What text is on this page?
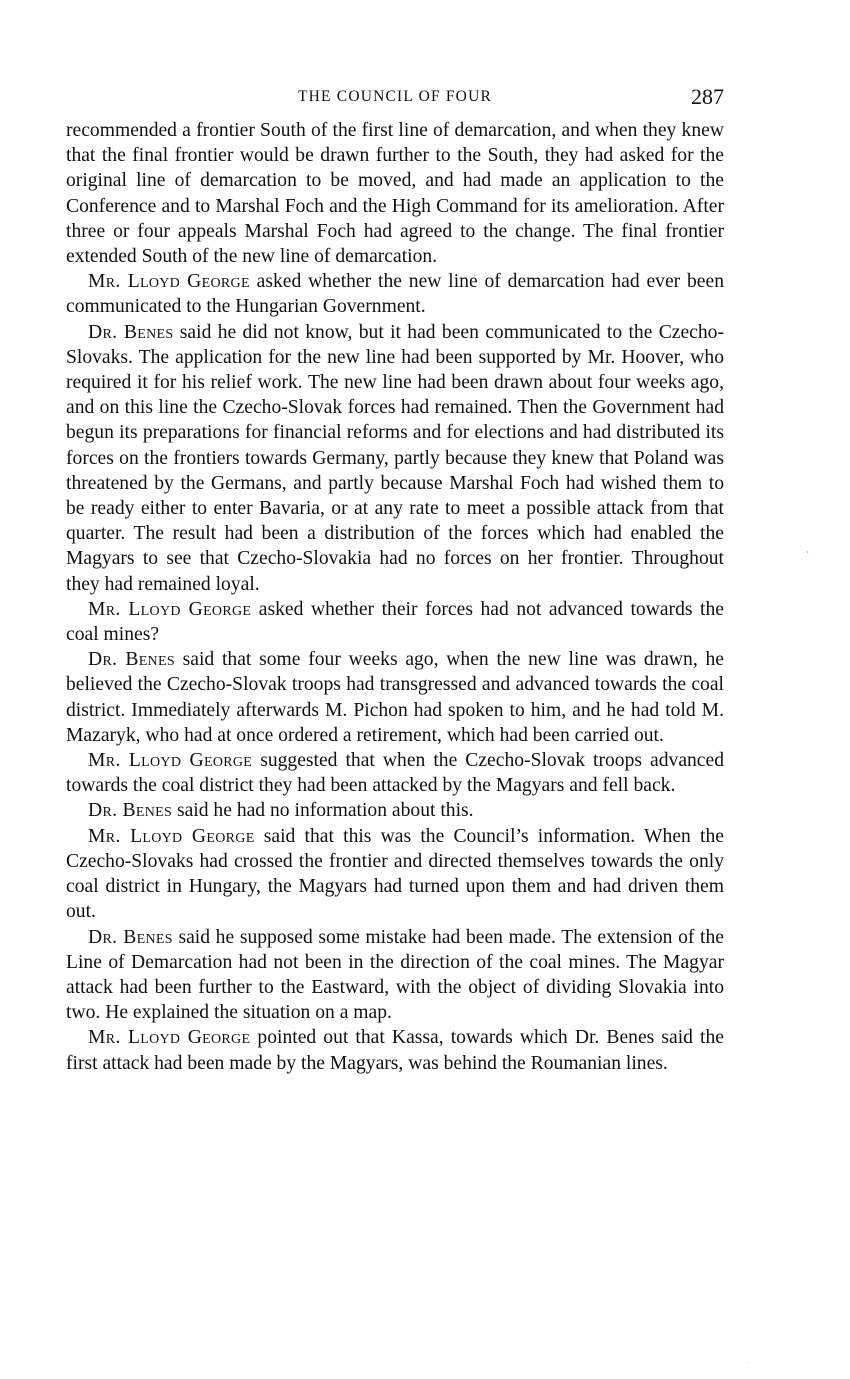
THE COUNCIL OF FOUR	287

recommended a frontier South of the first line of demarcation, and when they knew that the final frontier would be drawn further to the South, they had asked for the original line of demarcation to be moved, and had made an application to the Conference and to Marshal Foch and the High Command for its amelioration. After three or four appeals Marshal Foch had agreed to the change. The final frontier extended South of the new line of demarcation.

Mr. Lloyd George asked whether the new line of demarcation had ever been communicated to the Hungarian Government.

Dr. Benes said he did not know, but it had been communicated to the Czecho-Slovaks. The application for the new line had been supported by Mr. Hoover, who required it for his relief work. The new line had been drawn about four weeks ago, and on this line the Czecho-Slovak forces had remained. Then the Government had begun its preparations for financial reforms and for elections and had distributed its forces on the frontiers towards Germany, partly because they knew that Poland was threatened by the Germans, and partly because Marshal Foch had wished them to be ready either to enter Bavaria, or at any rate to meet a possible attack from that quarter. The result had been a distribution of the forces which had enabled the Magyars to see that Czecho-Slovakia had no forces on her frontier. Throughout they had remained loyal.

Mr. Lloyd George asked whether their forces had not advanced towards the coal mines?

Dr. Benes said that some four weeks ago, when the new line was drawn, he believed the Czecho-Slovak troops had transgressed and advanced towards the coal district. Immediately afterwards M. Pichon had spoken to him, and he had told M. Mazaryk, who had at once ordered a retirement, which had been carried out.

Mr. Lloyd George suggested that when the Czecho-Slovak troops advanced towards the coal district they had been attacked by the Magyars and fell back.

Dr. Benes said he had no information about this.

Mr. Lloyd George said that this was the Council’s information. When the Czecho-Slovaks had crossed the frontier and directed themselves towards the only coal district in Hungary, the Magyars had turned upon them and had driven them out.

Dr. Benes said he supposed some mistake had been made. The extension of the Line of Demarcation had not been in the direction of the coal mines. The Magyar attack had been further to the Eastward, with the object of dividing Slovakia into two. He explained the situation on a map.

Mr. Lloyd George pointed out that Kassa, towards which Dr. Benes said the first attack had been made by the Magyars, was behind the Roumanian lines.

ˏ
·
